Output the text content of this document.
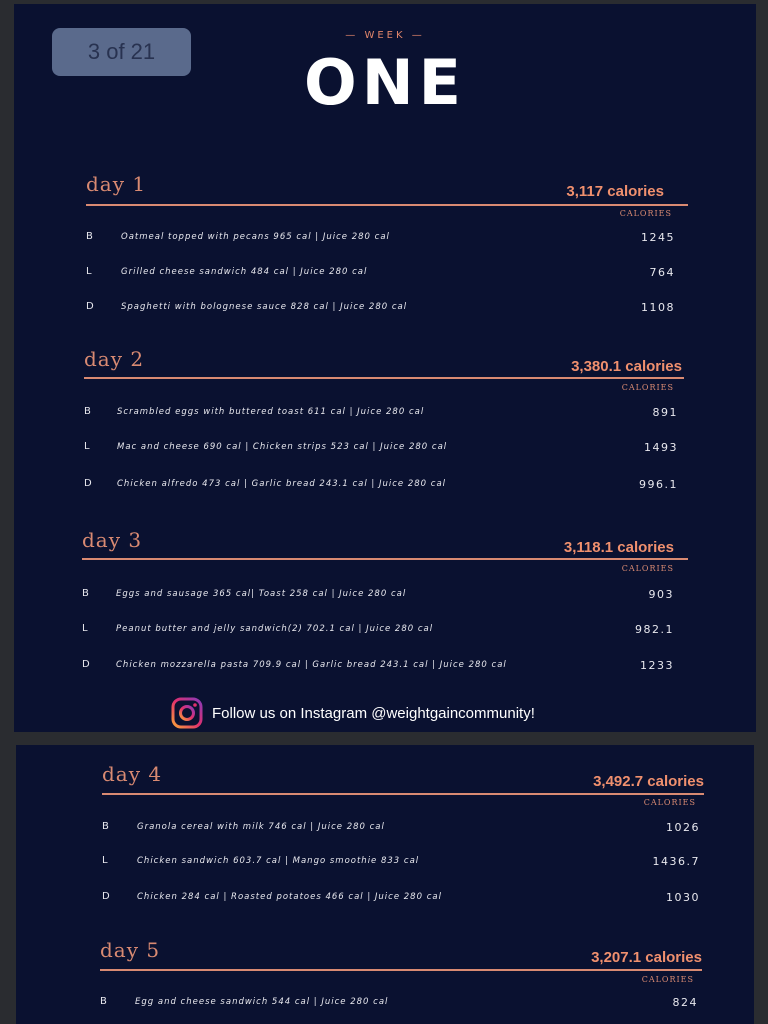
3 of 21
— WEEK —
ONE
day 1	3,117 calories
CALORIES
B	Oatmeal topped with pecans 965 cal | Juice 280 cal	1245
L	Grilled cheese sandwich 484 cal | Juice 280 cal	764
D	Spaghetti with bolognese sauce 828 cal | Juice 280 cal	1108
day 2	3,380.1 calories
CALORIES
B	Scrambled eggs with buttered toast 611 cal | Juice 280 cal	891
L	Mac and cheese 690 cal | Chicken strips 523 cal | Juice 280 cal	1493
D	Chicken alfredo 473 cal | Garlic bread 243.1 cal | Juice 280 cal	996.1
day 3	3,118.1 calories
CALORIES
B	Eggs and sausage 365 cal| Toast 258 cal | Juice 280 cal	903
L	Peanut butter and jelly sandwich(2) 702.1 cal | Juice 280 cal	982.1
D	Chicken mozzarella pasta 709.9 cal | Garlic bread 243.1 cal | Juice 280 cal	1233
Follow us on Instagram @weightgaincommunity!
day 4	3,492.7 calories
CALORIES
B	Granola cereal with milk 746 cal | Juice 280 cal	1026
L	Chicken sandwich 603.7 cal | Mango smoothie 833 cal	1436.7
D	Chicken 284 cal | Roasted potatoes 466 cal | Juice 280 cal	1030
day 5	3,207.1 calories
CALORIES
B	Egg and cheese sandwich 544 cal | Juice 280 cal	824
